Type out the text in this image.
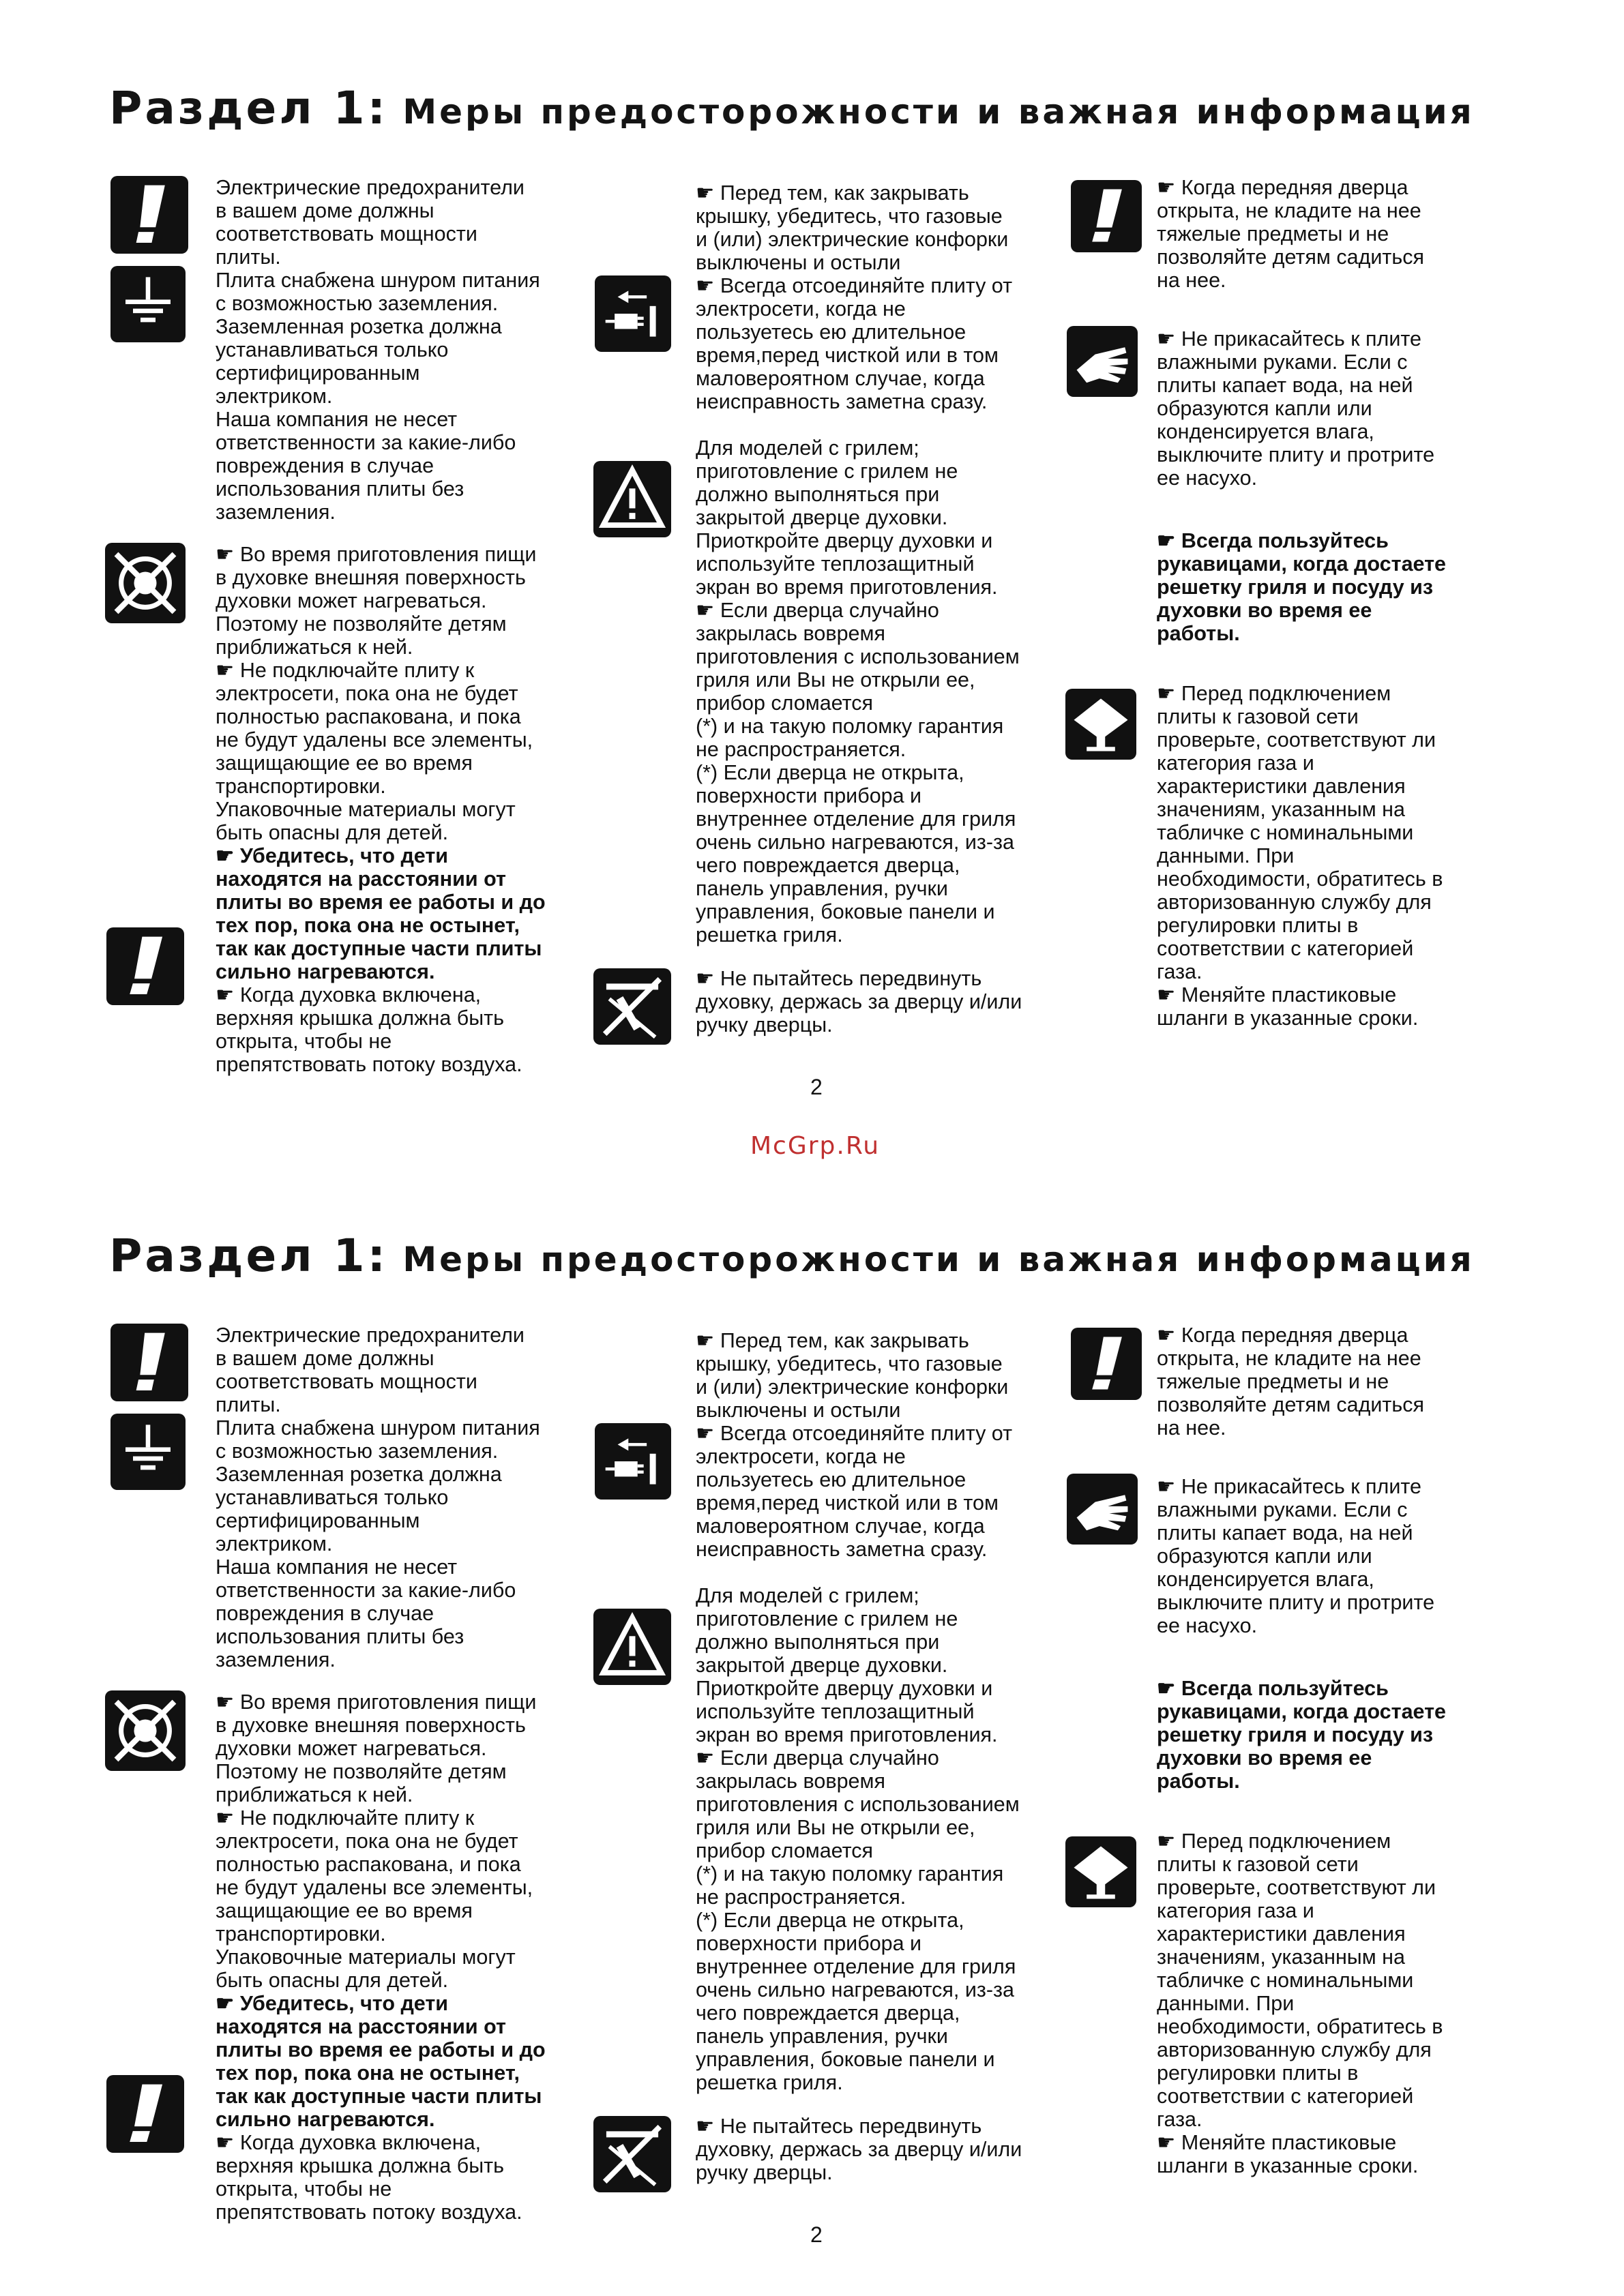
Раздел 1: Меры предосторожности и важная информация
Электрические предохранители
в вашем доме должны
соответствовать мощности
плиты.
Плита снабжена шнуром питания
с возможностью заземления.
Заземленная розетка должна
устанавливаться только
сертифицированным
электриком.
Наша компания не несет
ответственности за какие-либо
повреждения в случае
использования плиты без
заземления.
☛ Во время приготовления пищи
в духовке внешняя поверхность
духовки может нагреваться.
Поэтому не позволяйте детям
приближаться к ней.
☛ Не подключайте плиту к
электросети, пока она не будет
полностью распакована, и пока
не будут удалены все элементы,
защищающие ее во время
транспортировки.
Упаковочные материалы могут
быть опасны для детей.
☛ Убедитесь, что дети
находятся на расстоянии от
плиты во время ее работы и до
тех пор, пока она не остынет,
так как доступные части плиты
сильно нагреваются.
☛ Когда духовка включена,
верхняя крышка должна быть
открыта, чтобы не
препятствовать потоку воздуха.
☛ Перед тем, как закрывать
крышку, убедитесь, что газовые
и (или) электрические конфорки
выключены и остыли
☛ Всегда отсоединяйте плиту от
электросети, когда не
пользуетесь ею длительное
время,перед чисткой или в том
маловероятном случае, когда
неисправность заметна сразу.
Для моделей с грилем;
приготовление с грилем не
должно выполняться при
закрытой дверце духовки.
Приоткройте дверцу духовки и
используйте теплозащитный
экран во время приготовления.
☛ Если дверца случайно
закрылась вовремя
приготовления с использованием
гриля или Вы не открыли ее,
прибор сломается
(*) и на такую поломку гарантия
не распространяется.
(*) Если дверца не открыта,
поверхности прибора и
внутреннее отделение для гриля
очень сильно нагреваются, из-за
чего повреждается дверца,
панель управления, ручки
управления, боковые панели и
решетка гриля.
☛ Не пытайтесь передвинуть
духовку, держась за дверцу и/или
ручку дверцы.
☛ Когда передняя дверца
открыта, не кладите на нее
тяжелые предметы и не
позволяйте детям садиться
на нее.
☛ Не прикасайтесь к плите
влажными руками. Если с
плиты капает вода, на ней
образуются капли или
конденсируется влага,
выключите плиту и протрите
ее насухо.
☛ Всегда пользуйтесь
рукавицами, когда достаете
решетку гриля и посуду из
духовки во время ее
работы.
☛ Перед подключением
плиты к газовой сети
проверьте, соответствуют ли
категория газа и
характеристики давления
значениям, указанным на
табличке с номинальными
данными. При
необходимости, обратитесь в
авторизованную службу для
регулировки плиты в
соответствии с категорией
газа.
☛ Меняйте пластиковые
шланги в указанные сроки.
2
Раздел 1: Меры предосторожности и важная информация
Электрические предохранители
в вашем доме должны
соответствовать мощности
плиты.
Плита снабжена шнуром питания
с возможностью заземления.
Заземленная розетка должна
устанавливаться только
сертифицированным
электриком.
Наша компания не несет
ответственности за какие-либо
повреждения в случае
использования плиты без
заземления.
☛ Во время приготовления пищи
в духовке внешняя поверхность
духовки может нагреваться.
Поэтому не позволяйте детям
приближаться к ней.
☛ Не подключайте плиту к
электросети, пока она не будет
полностью распакована, и пока
не будут удалены все элементы,
защищающие ее во время
транспортировки.
Упаковочные материалы могут
быть опасны для детей.
☛ Убедитесь, что дети
находятся на расстоянии от
плиты во время ее работы и до
тех пор, пока она не остынет,
так как доступные части плиты
сильно нагреваются.
☛ Когда духовка включена,
верхняя крышка должна быть
открыта, чтобы не
препятствовать потоку воздуха.
☛ Перед тем, как закрывать
крышку, убедитесь, что газовые
и (или) электрические конфорки
выключены и остыли
☛ Всегда отсоединяйте плиту от
электросети, когда не
пользуетесь ею длительное
время,перед чисткой или в том
маловероятном случае, когда
неисправность заметна сразу.
Для моделей с грилем;
приготовление с грилем не
должно выполняться при
закрытой дверце духовки.
Приоткройте дверцу духовки и
используйте теплозащитный
экран во время приготовления.
☛ Если дверца случайно
закрылась вовремя
приготовления с использованием
гриля или Вы не открыли ее,
прибор сломается
(*) и на такую поломку гарантия
не распространяется.
(*) Если дверца не открыта,
поверхности прибора и
внутреннее отделение для гриля
очень сильно нагреваются, из-за
чего повреждается дверца,
панель управления, ручки
управления, боковые панели и
решетка гриля.
☛ Не пытайтесь передвинуть
духовку, держась за дверцу и/или
ручку дверцы.
☛ Когда передняя дверца
открыта, не кладите на нее
тяжелые предметы и не
позволяйте детям садиться
на нее.
☛ Не прикасайтесь к плите
влажными руками. Если с
плиты капает вода, на ней
образуются капли или
конденсируется влага,
выключите плиту и протрите
ее насухо.
☛ Всегда пользуйтесь
рукавицами, когда достаете
решетку гриля и посуду из
духовки во время ее
работы.
☛ Перед подключением
плиты к газовой сети
проверьте, соответствуют ли
категория газа и
характеристики давления
значениям, указанным на
табличке с номинальными
данными. При
необходимости, обратитесь в
авторизованную службу для
регулировки плиты в
соответствии с категорией
газа.
☛ Меняйте пластиковые
шланги в указанные сроки.
2
McGrp.Ru
